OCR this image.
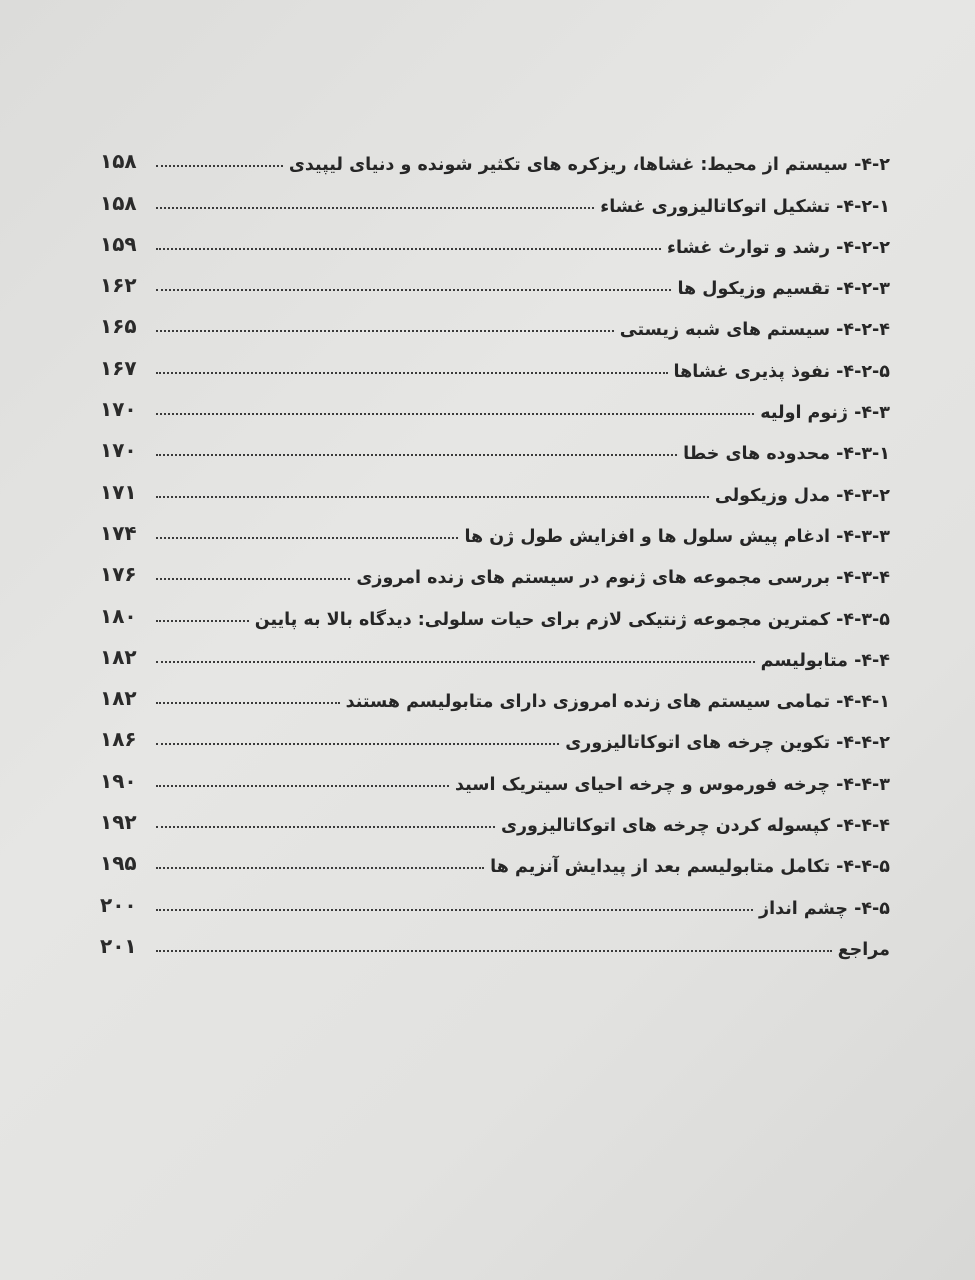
۱۵۸	۴-۲- سیستم از محیط: غشاها، ریزکره های تکثیر شونده و دنیای لیپیدی
۱۵۸	۴-۲-۱- تشکیل اتوکاتالیزوری غشاء
۱۵۹	۴-۲-۲- رشد و توارث غشاء
۱۶۲	۴-۲-۳- تقسیم وزیکول ها
۱۶۵	۴-۲-۴- سیستم های شبه زیستی
۱۶۷	۴-۲-۵- نفوذ پذیری غشاها
۱۷۰	۴-۳- ژنوم اولیه
۱۷۰	۴-۳-۱- محدوده های خطا
۱۷۱	۴-۳-۲- مدل وزیکولی
۱۷۴	۴-۳-۳- ادغام پیش سلول ها و افزایش طول ژن ها
۱۷۶	۴-۳-۴- بررسی مجموعه های ژنوم در سیستم های زنده امروزی
۱۸۰	۴-۳-۵- کمترین مجموعه ژنتیکی لازم برای حیات سلولی: دیدگاه بالا به پایین
۱۸۲	۴-۴- متابولیسم
۱۸۲	۴-۴-۱- تمامی سیستم های زنده امروزی دارای متابولیسم هستند
۱۸۶	۴-۴-۲- تکوین چرخه های اتوکاتالیزوری
۱۹۰	۴-۴-۳- چرخه فورموس و چرخه احیای سیتریک اسید
۱۹۲	۴-۴-۴- کپسوله کردن چرخه های اتوکاتالیزوری
۱۹۵	۴-۴-۵- تکامل متابولیسم بعد از پیدایش آنزیم ها
۲۰۰	۴-۵- چشم انداز
۲۰۱	مراجع
